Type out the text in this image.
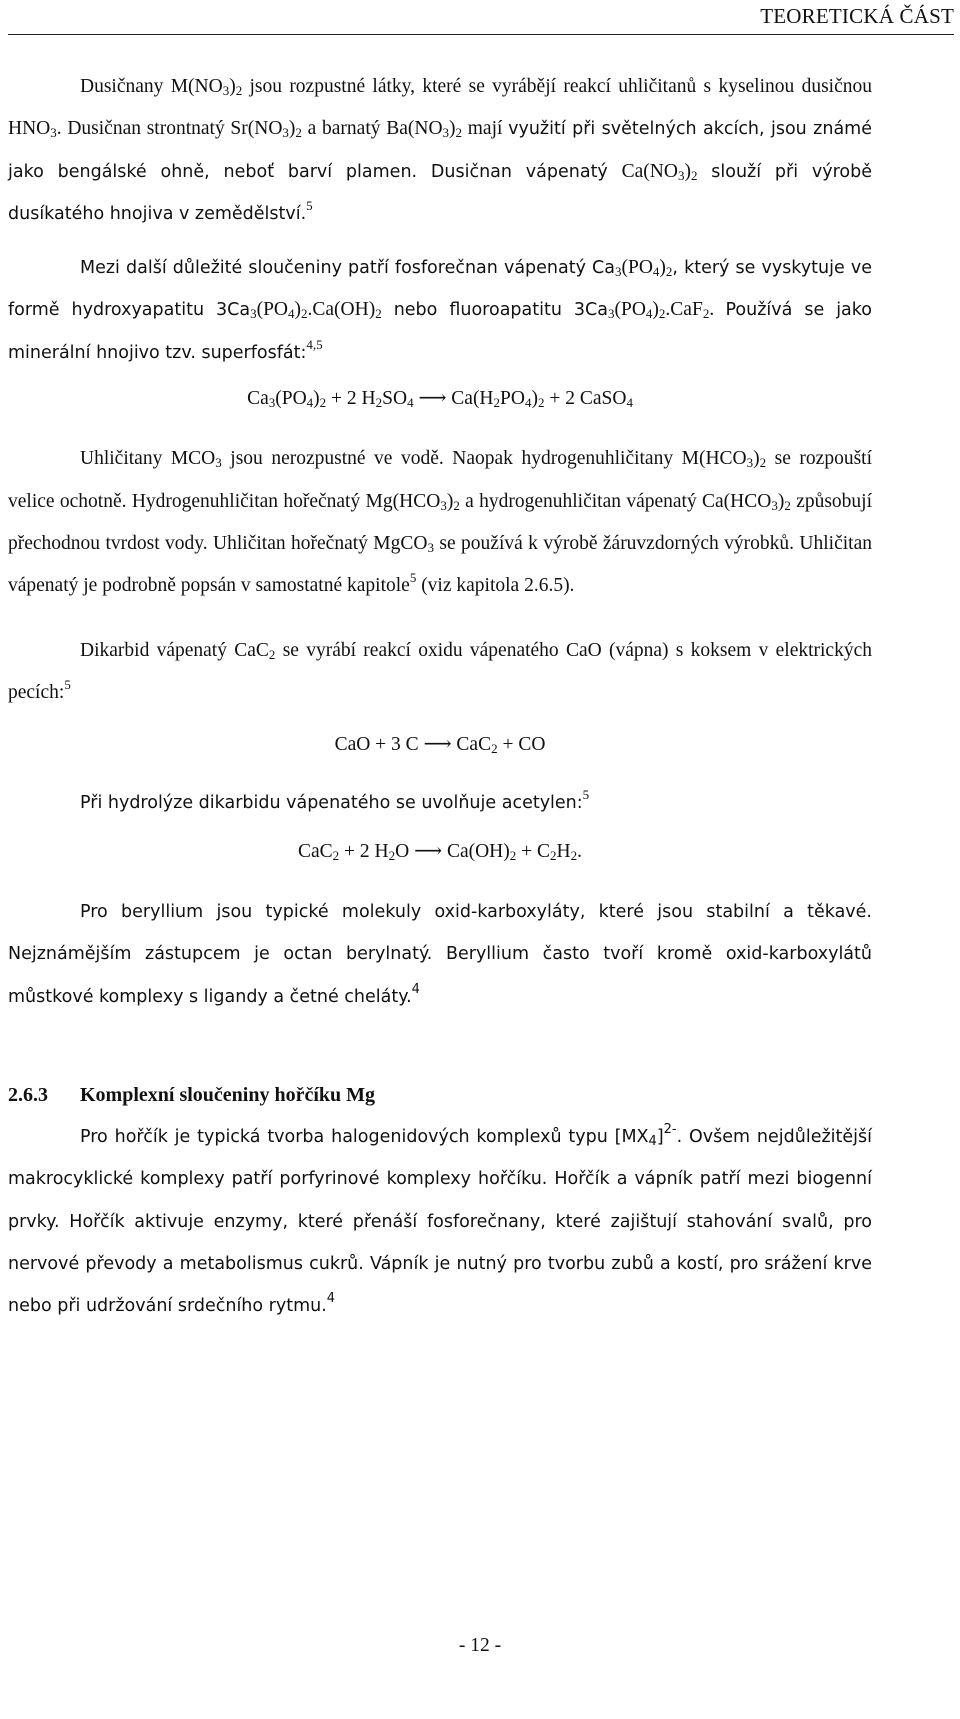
TEORETICKÁ ČÁST

Dusičnany $M(NO_3)_2$ jsou rozpustné látky, které se vyrábějí reakcí uhličitanů s kyselinou dusičnou $HNO_3$. Dusičnan strontnatý $Sr(NO_3)_2$ a barnatý $Ba(NO_3)_2$ mají využití při světelných akcích, jsou známé jako bengálské ohně, neboť barví plamen. Dusičnan vápenatý $Ca(NO_3)_2$ slouží při výrobě dusíkatého hnojiva v zemědělství.$^5$

Mezi další důležité sloučeniny patří fosforečnan vápenatý $Ca_3(PO_4)_2$, který se vyskytuje ve formě hydroxyapatitu $3Ca_3(PO_4)_2.Ca(OH)_2$ nebo fluoroapatitu $3Ca_3(PO_4)_2.CaF_2$. Používá se jako minerální hnojivo tzv. superfosfát:$^{4,5}$

$Ca_3(PO_4)_2 + 2$ $H_2SO_4$ ⟶ $Ca(H_2PO_4)_2 + 2$ CaSO$_4$

Uhličitany $MCO_3$ jsou nerozpustné ve vodě. Naopak hydrogenuhličitany $M(HCO_3)_2$ se rozpouští velice ochotně. Hydrogenuhličitan hořečnatý $Mg(HCO_3)_2$ a hydrogenuhličitan vápenatý $Ca(HCO_3)_2$ způsobují přechodnou tvrdost vody. Uhličitan hořečnatý MgCO$_3$ se používá k výrobě žáruvzdorných výrobků. Uhličitan vápenatý je podrobně popsán v samostatné kapitole$^5$ (viz kapitola 2.6.5).

Dikarbid vápenatý CaC$_2$ se vyrábí reakcí oxidu vápenatého CaO (vápna) s koksem v elektrických pecích:$^5$

CaO + 3 C ⟶ CaC$_2$ + CO

Při hydrolýze dikarbidu vápenatého se uvolňuje acetylen:$^5$

CaC$_2$ + 2 $H_2O$ ⟶ $Ca(OH)_2 + C_2H_2$.

Pro beryllium jsou typické molekuly oxid-karboxyláty, které jsou stabilní a těkavé. Nejznámějším zástupcem je octan berylnatý. Beryllium často tvoří kromě oxid-karboxylátů můstkové komplexy s ligandy a četné cheláty.$^4$

2.6.3 Komplexní sloučeniny hořčíku Mg

Pro hořčík je typická tvorba halogenidových komplexů typu $[MX_4]^{2-}$. Ovšem nejdůležitější makrocyklické komplexy patří porfyrinové komplexy hořčíku. Hořčík a vápník patří mezi biogenní prvky. Hořčík aktivuje enzymy, které přenáší fosforečnany, které zajištují stahování svalů, pro nervové převody a metabolismus cukrů. Vápník je nutný pro tvorbu zubů a kostí, pro srážení krve nebo při udržování srdečního rytmu.$^4$

- 12 -
